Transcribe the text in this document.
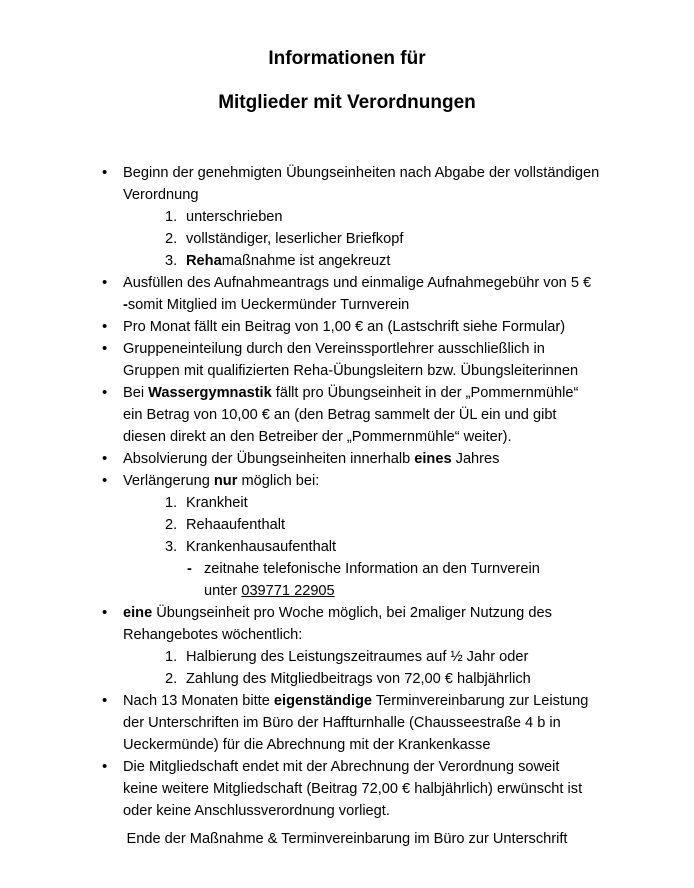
Informationen für
Mitglieder mit Verordnungen
•	Beginn der genehmigten Übungseinheiten nach Abgabe der vollständigen
Verordnung
1. unterschrieben
2. vollständiger, leserlicher Briefkopf
3. Rehamaßnahme ist angekreuzt
•	Ausfüllen des Aufnahmeantrags und einmalige Aufnahmegebühr von 5 €
-somit Mitglied im Ueckermünder Turnverein
•	Pro Monat fällt ein Beitrag von 1,00 € an (Lastschrift siehe Formular)
•	Gruppeneinteilung durch den Vereinssportlehrer ausschließlich in
Gruppen mit qualifizierten Reha-Übungsleitern bzw. Übungsleiterinnen
•	Bei Wassergymnastik fällt pro Übungseinheit in der „Pommernmühle“
ein Betrag von 10,00 € an (den Betrag sammelt der ÜL ein und gibt
diesen direkt an den Betreiber der „Pommernmühle“ weiter).
•	Absolvierung der Übungseinheiten innerhalb eines Jahres
•	Verlängerung nur möglich bei:
1. Krankheit
2. Rehaaufenthalt
3. Krankenhausaufenthalt
- zeitnahe telefonische Information an den Turnverein
unter 039771 22905
•	eine Übungseinheit pro Woche möglich, bei 2maliger Nutzung des
Rehangebotes wöchentlich:
1. Halbierung des Leistungszeitraumes auf ½ Jahr oder
2. Zahlung des Mitgliedbeitrags von 72,00 € halbjährlich
•	Nach 13 Monaten bitte eigenständige Terminvereinbarung zur Leistung
der Unterschriften im Büro der Haffturnhalle (Chausseestraße 4 b in
Ueckermünde) für die Abrechnung mit der Krankenkasse
•	Die Mitgliedschaft endet mit der Abrechnung der Verordnung soweit
keine weitere Mitgliedschaft (Beitrag 72,00 € halbjährlich) erwünscht ist
oder keine Anschlussverordnung vorliegt.
Ende der Maßnahme & Terminvereinbarung im Büro zur Unterschrift
